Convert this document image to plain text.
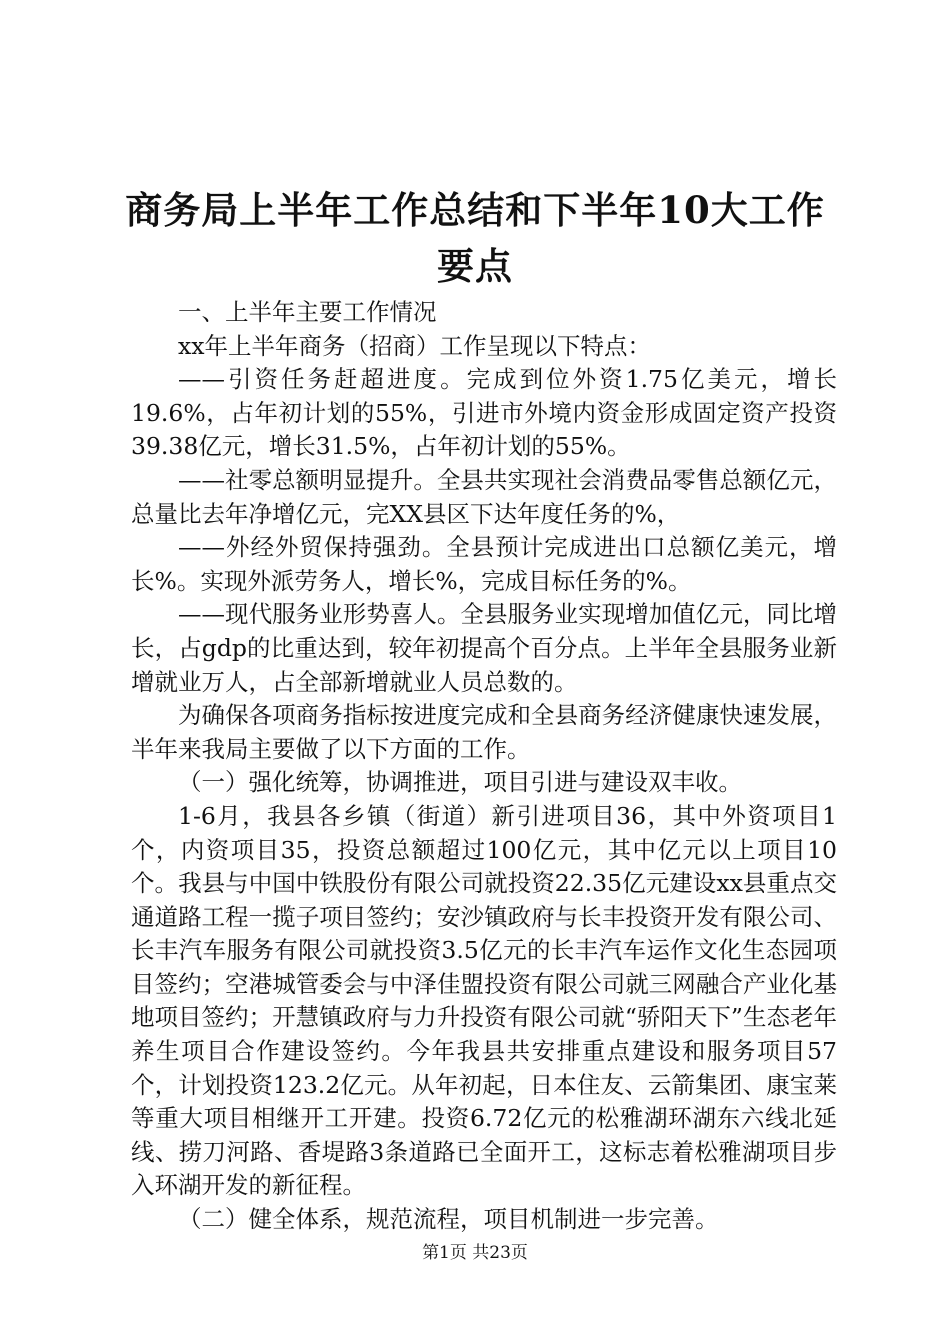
商务局上半年工作总结和下半年10大工作要点

一、上半年主要工作情况

xx年上半年商务（招商）工作呈现以下特点：

——引资任务赶超进度。完成到位外资1.75亿美元，增长19.6%，占年初计划的55%，引进市外境内资金形成固定资产投资39.38亿元，增长31.5%，占年初计划的55%。

——社零总额明显提升。全县共实现社会消费品零售总额亿元，总量比去年净增亿元，完XX县区下达年度任务的%，

——外经外贸保持强劲。全县预计完成进出口总额亿美元，增长%。实现外派劳务人，增长%，完成目标任务的%。

——现代服务业形势喜人。全县服务业实现增加值亿元，同比增长，占gdp的比重达到，较年初提高个百分点。上半年全县服务业新增就业万人，占全部新增就业人员总数的。

为确保各项商务指标按进度完成和全县商务经济健康快速发展，半年来我局主要做了以下方面的工作。

（一）强化统筹，协调推进，项目引进与建设双丰收。

1-6月，我县各乡镇（街道）新引进项目36，其中外资项目1个，内资项目35，投资总额超过100亿元，其中亿元以上项目10个。我县与中国中铁股份有限公司就投资22.35亿元建设xx县重点交通道路工程一揽子项目签约；安沙镇政府与长丰投资开发有限公司、长丰汽车服务有限公司就投资3.5亿元的长丰汽车运作文化生态园项目签约；空港城管委会与中泽佳盟投资有限公司就三网融合产业化基地项目签约；开慧镇政府与力升投资有限公司就“骄阳天下”生态老年养生项目合作建设签约。今年我县共安排重点建设和服务项目57个，计划投资123.2亿元。从年初起，日本住友、云箭集团、康宝莱等重大项目相继开工开建。投资6.72亿元的松雅湖环湖东六线北延线、捞刀河路、香堤路3条道路已全面开工，这标志着松雅湖项目步入环湖开发的新征程。

（二）健全体系，规范流程，项目机制进一步完善。

第1页 共23页
